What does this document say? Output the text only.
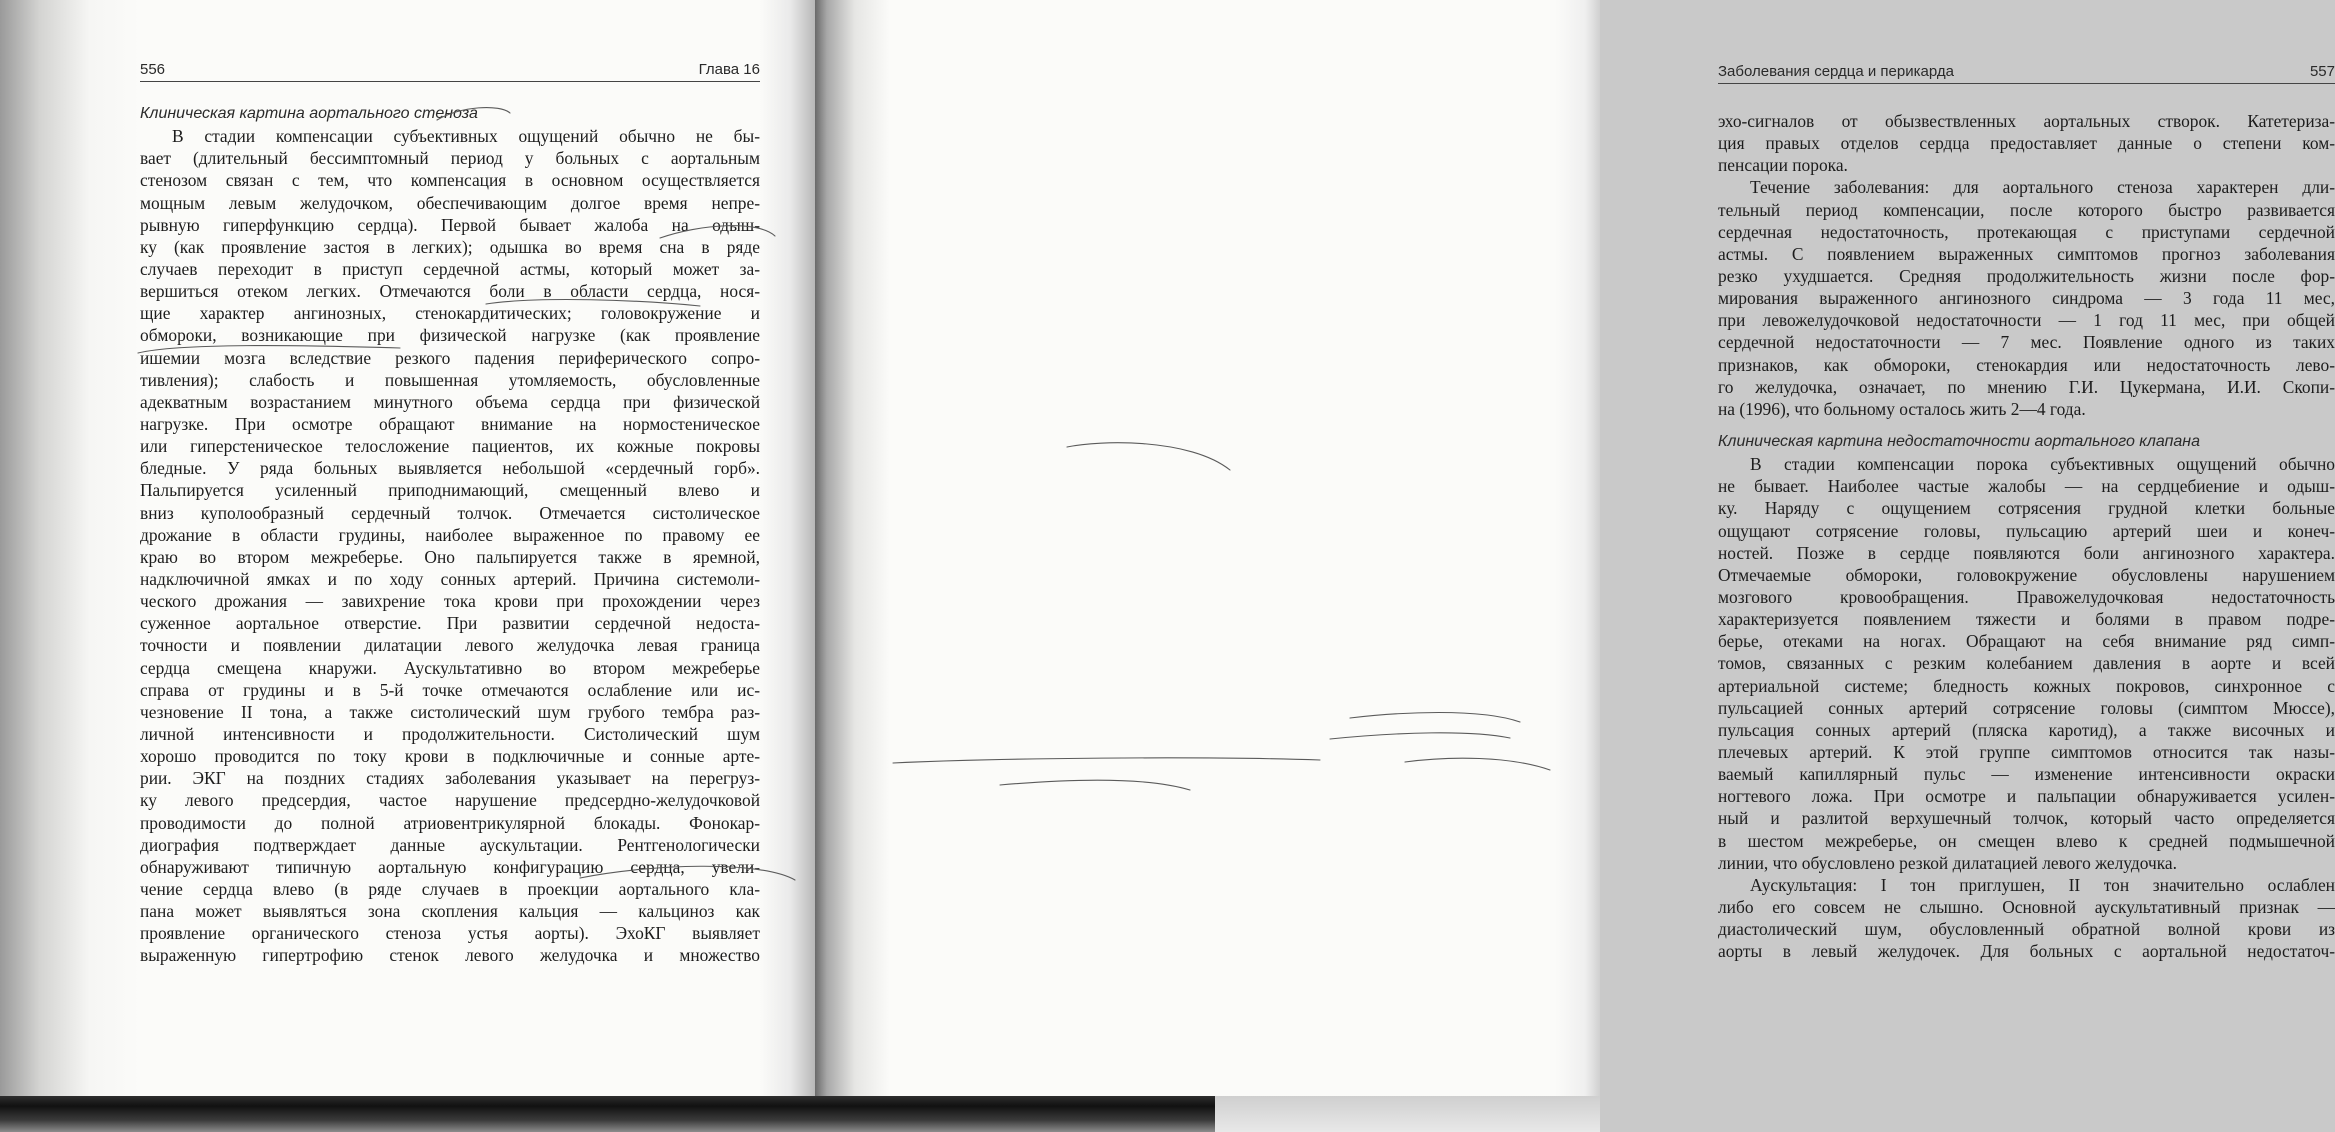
556	Глава 16
Клиническая картина аортального стеноза
В стадии компенсации субъективных ощущений обычно не бы-
вает (длительный бессимптомный период у больных с аортальным
стенозом связан с тем, что компенсация в основном осуществляется
мощным левым желудочком, обеспечивающим долгое время непре-
рывную гиперфункцию сердца). Первой бывает жалоба на одыш-
ку (как проявление застоя в легких); одышка во время сна в ряде
случаев переходит в приступ сердечной астмы, который может за-
вершиться отеком легких. Отмечаются боли в области сердца, нося-
щие характер ангинозных, стенокардитических; головокружение и
обмороки, возникающие при физической нагрузке (как проявление
ишемии мозга вследствие резкого падения периферического сопро-
тивления); слабость и повышенная утомляемость, обусловленные
адекватным возрастанием минутного объема сердца при физической
нагрузке. При осмотре обращают внимание на нормостеническое
или гиперстеническое телосложение пациентов, их кожные покровы
бледные. У ряда больных выявляется небольшой «сердечный горб».
Пальпируется усиленный приподнимающий, смещенный влево и
вниз куполообразный сердечный толчок. Отмечается систолическое
дрожание в области грудины, наиболее выраженное по правому ее
краю во втором межреберье. Оно пальпируется также в яремной,
надключичной ямках и по ходу сонных артерий. Причина системоли-
ческого дрожания — завихрение тока крови при прохождении через
суженное аортальное отверстие. При развитии сердечной недоста-
точности и появлении дилатации левого желудочка левая граница
сердца смещена кнаружи. Аускультативно во втором межреберье
справа от грудины и в 5-й точке отмечаются ослабление или ис-
чезновение II тона, а также систолический шум грубого тембра раз-
личной интенсивности и продолжительности. Систолический шум
хорошо проводится по току крови в подключичные и сонные арте-
рии. ЭКГ на поздних стадиях заболевания указывает на перегруз-
ку левого предсердия, частое нарушение предсердно-желудочковой
проводимости до полной атриовентрикулярной блокады. Фонокар-
диография подтверждает данные аускультации. Рентгенологически
обнаруживают типичную аортальную конфигурацию сердца, увели-
чение сердца влево (в ряде случаев в проекции аортального кла-
пана может выявляться зона скопления кальция — кальциноз как
проявление органического стеноза устья аорты). ЭхоКГ выявляет
выраженную гипертрофию стенок левого желудочка и множество
Заболевания сердца и перикарда	557
эхо-сигналов от обызвествленных аортальных створок. Катетериза-
ция правых отделов сердца предоставляет данные о степени ком-
пенсации порока.
Течение заболевания: для аортального стеноза характерен дли-
тельный период компенсации, после которого быстро развивается
сердечная недостаточность, протекающая с приступами сердечной
астмы. С появлением выраженных симптомов прогноз заболевания
резко ухудшается. Средняя продолжительность жизни после фор-
мирования выраженного ангинозного синдрома — 3 года 11 мес,
при левожелудочковой недостаточности — 1 год 11 мес, при общей
сердечной недостаточности — 7 мес. Появление одного из таких
признаков, как обмороки, стенокардия или недостаточность лево-
го желудочка, означает, по мнению Г.И. Цукермана, И.И. Скопи-
на (1996), что больному осталось жить 2—4 года.
Клиническая картина недостаточности аортального клапана
В стадии компенсации порока субъективных ощущений обычно
не бывает. Наиболее частые жалобы — на сердцебиение и одыш-
ку. Наряду с ощущением сотрясения грудной клетки больные
ощущают сотрясение головы, пульсацию артерий шеи и конеч-
ностей. Позже в сердце появляются боли ангинозного характера.
Отмечаемые обмороки, головокружение обусловлены нарушением
мозгового кровообращения. Правожелудочковая недостаточность
характеризуется появлением тяжести и болями в правом подре-
берье, отеками на ногах. Обращают на себя внимание ряд симп-
томов, связанных с резким колебанием давления в аорте и всей
артериальной системе; бледность кожных покровов, синхронное с
пульсацией сонных артерий сотрясение головы (симптом Мюссе),
пульсация сонных артерий (пляска каротид), а также височных и
плечевых артерий. К этой группе симптомов относится так назы-
ваемый капиллярный пульс — изменение интенсивности окраски
ногтевого ложа. При осмотре и пальпации обнаруживается усилен-
ный и разлитой верхушечный толчок, который часто определяется
в шестом межреберье, он смещен влево к средней подмышечной
линии, что обусловлено резкой дилатацией левого желудочка.
Аускультация: I тон приглушен, II тон значительно ослаблен
либо его совсем не слышно. Основной аускультативный признак —
диастолический шум, обусловленный обратной волной крови из
аорты в левый желудочек. Для больных с аортальной недостаточ-
